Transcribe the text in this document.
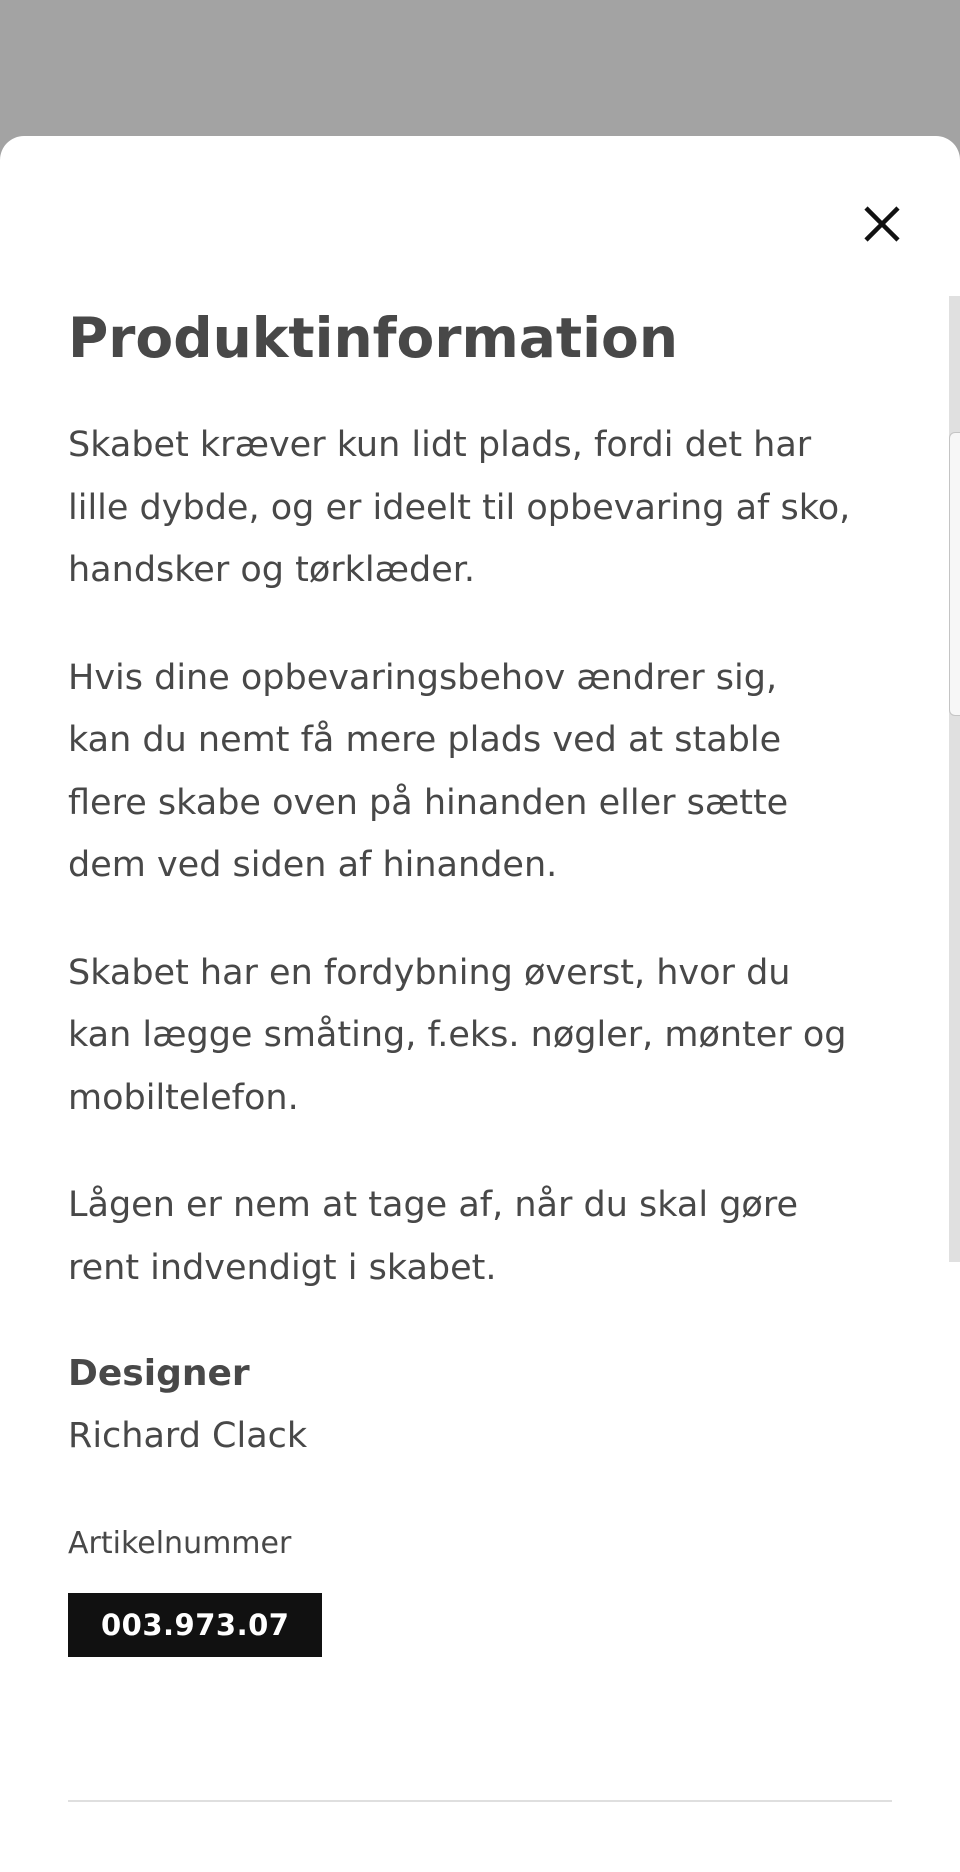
Produktinformation

Skabet kræver kun lidt plads, fordi det har
lille dybde, og er ideelt til opbevaring af sko,
handsker og tørklæder.

Hvis dine opbevaringsbehov ændrer sig,
kan du nemt få mere plads ved at stable
flere skabe oven på hinanden eller sætte
dem ved siden af hinanden.

Skabet har en fordybning øverst, hvor du
kan lægge småting, f.eks. nøgler, mønter og
mobiltelefon.

Lågen er nem at tage af, når du skal gøre
rent indvendigt i skabet.

Designer

Richard Clack

Artikelnummer

003.973.07
